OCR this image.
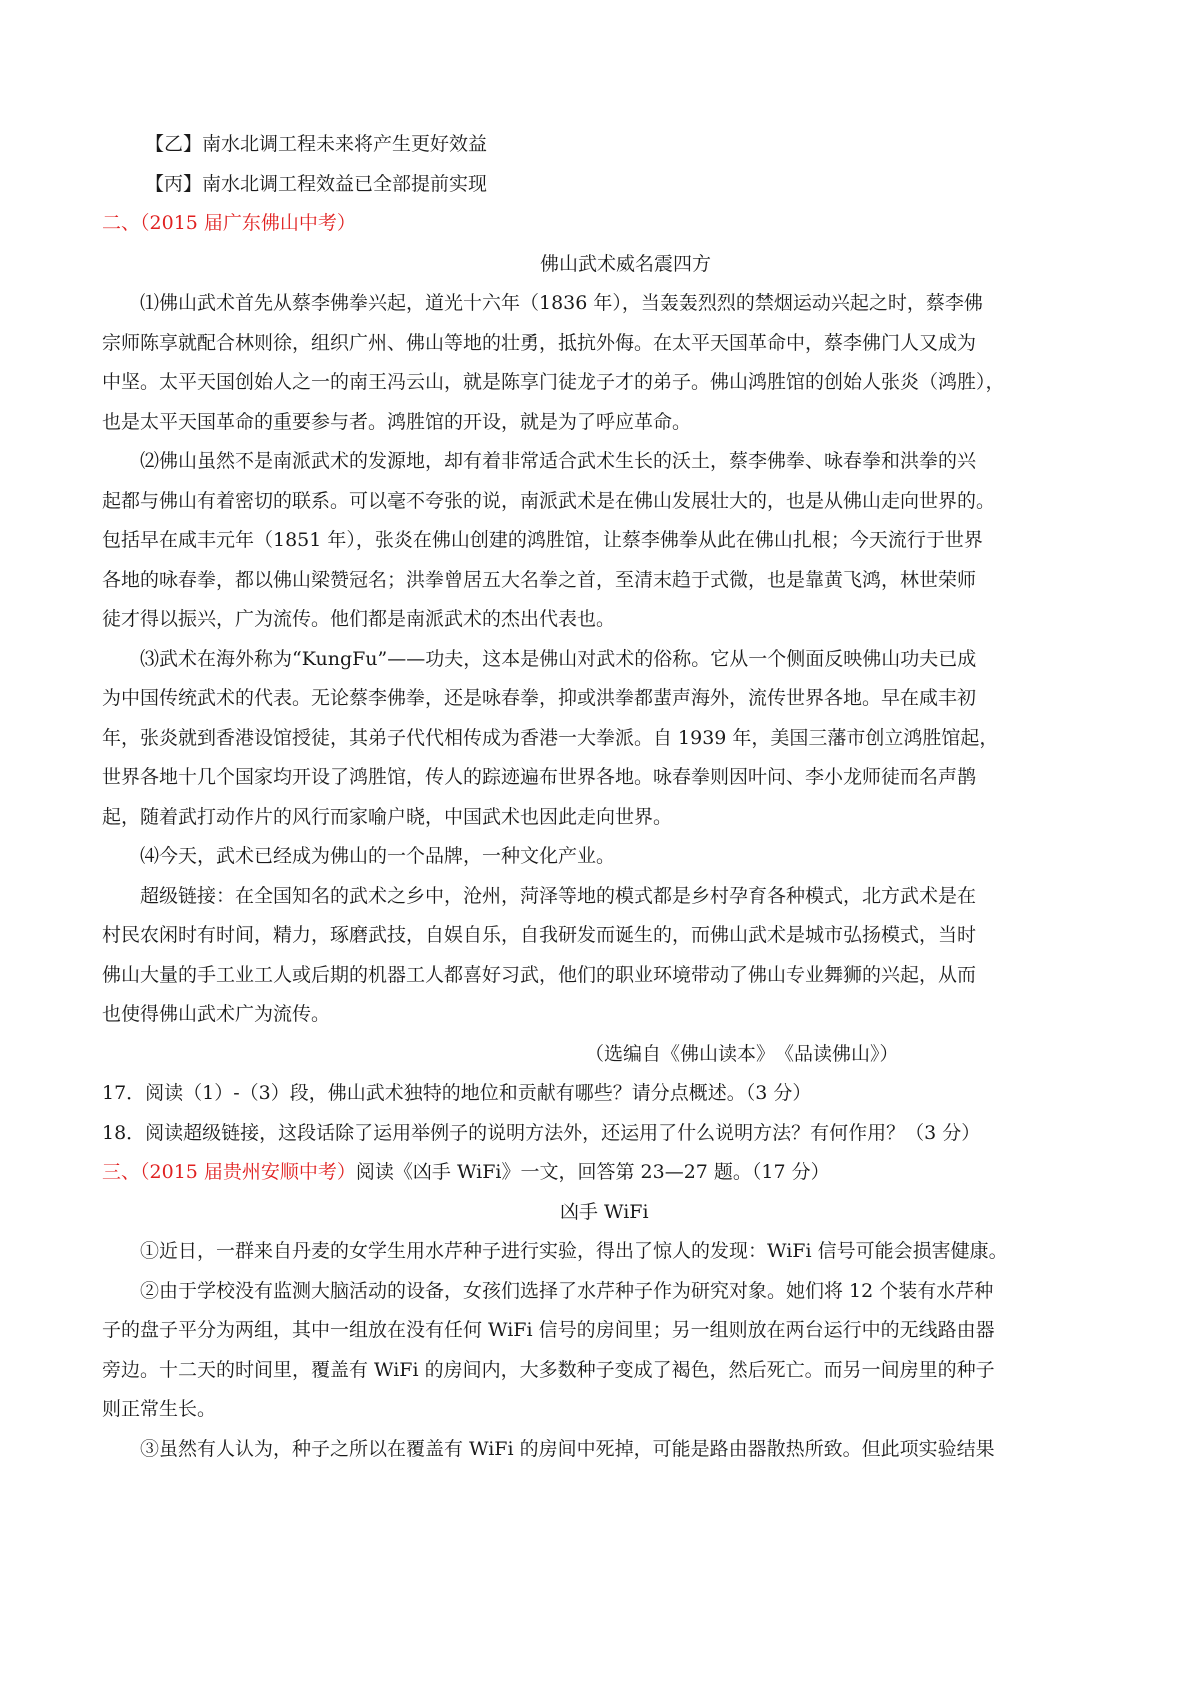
【乙】南水北调工程未来将产生更好效益
【丙】南水北调工程效益已全部提前实现
二、（2015 届广东佛山中考）
佛山武术威名震四方
⑴佛山武术首先从蔡李佛拳兴起，道光十六年（1836 年），当轰轰烈烈的禁烟运动兴起之时，蔡李佛
宗师陈享就配合林则徐，组织广州、佛山等地的壮勇，抵抗外侮。在太平天国革命中，蔡李佛门人又成为
中坚。太平天国创始人之一的南王冯云山，就是陈享门徒龙子才的弟子。佛山鸿胜馆的创始人张炎（鸿胜），
也是太平天国革命的重要参与者。鸿胜馆的开设，就是为了呼应革命。
⑵佛山虽然不是南派武术的发源地，却有着非常适合武术生长的沃土，蔡李佛拳、咏春拳和洪拳的兴
起都与佛山有着密切的联系。可以毫不夸张的说，南派武术是在佛山发展壮大的，也是从佛山走向世界的。
包括早在咸丰元年（1851 年），张炎在佛山创建的鸿胜馆，让蔡李佛拳从此在佛山扎根；今天流行于世界
各地的咏春拳，都以佛山梁赞冠名；洪拳曾居五大名拳之首，至清末趋于式微，也是靠黄飞鸿，林世荣师
徒才得以振兴，广为流传。他们都是南派武术的杰出代表也。
⑶武术在海外称为“KungFu”——功夫，这本是佛山对武术的俗称。它从一个侧面反映佛山功夫已成
为中国传统武术的代表。无论蔡李佛拳，还是咏春拳，抑或洪拳都蜚声海外，流传世界各地。早在咸丰初
年，张炎就到香港设馆授徒，其弟子代代相传成为香港一大拳派。自 1939 年，美国三藩市创立鸿胜馆起，
世界各地十几个国家均开设了鸿胜馆，传人的踪迹遍布世界各地。咏春拳则因叶问、李小龙师徒而名声鹊
起，随着武打动作片的风行而家喻户晓，中国武术也因此走向世界。
⑷今天，武术已经成为佛山的一个品牌，一种文化产业。
超级链接：在全国知名的武术之乡中，沧州，菏泽等地的模式都是乡村孕育各种模式，北方武术是在
村民农闲时有时间，精力，琢磨武技，自娱自乐，自我研发而诞生的，而佛山武术是城市弘扬模式，当时
佛山大量的手工业工人或后期的机器工人都喜好习武，他们的职业环境带动了佛山专业舞狮的兴起，从而
也使得佛山武术广为流传。
（选编自《佛山读本》　《品读佛山》）
17．阅读（1）-（3）段，佛山武术独特的地位和贡献有哪些？请分点概述。（3 分）
18．阅读超级链接，这段话除了运用举例子的说明方法外，还运用了什么说明方法？有何作用？（3 分）
三、（2015 届贵州安顺中考）阅读《凶手 WiFi》一文，回答第 23—27 题。（17 分）
凶手 WiFi
①近日，一群来自丹麦的女学生用水芹种子进行实验，得出了惊人的发现：WiFi 信号可能会损害健康。
②由于学校没有监测大脑活动的设备，女孩们选择了水芹种子作为研究对象。她们将 12 个装有水芹种
子的盘子平分为两组，其中一组放在没有任何 WiFi 信号的房间里；另一组则放在两台运行中的无线路由器
旁边。十二天的时间里，覆盖有 WiFi 的房间内，大多数种子变成了褐色，然后死亡。而另一间房里的种子
则正常生长。
③虽然有人认为，种子之所以在覆盖有 WiFi 的房间中死掉，可能是路由器散热所致。但此项实验结果
